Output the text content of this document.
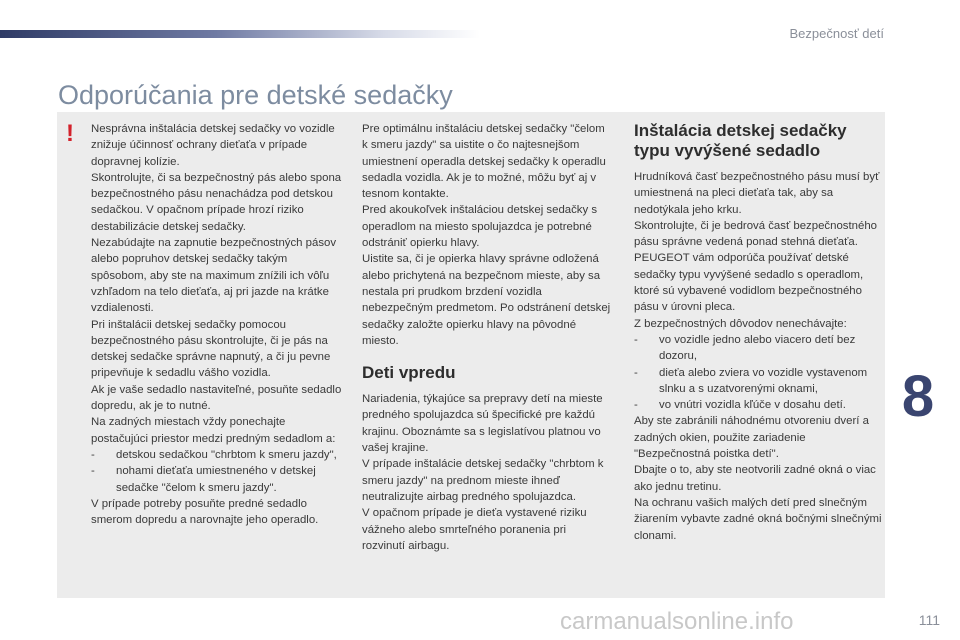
Bezpečnosť detí
Odporúčania pre detské sedačky
! Nesprávna inštalácia detskej sedačky vo vozidle znižuje účinnosť ochrany dieťaťa v prípade dopravnej kolízie.

Skontrolujte, či sa bezpečnostný pás alebo spona bezpečnostného pásu nenachádza pod detskou sedačkou. V opačnom prípade hrozí riziko destabilizácie detskej sedačky.

Nezabúdajte na zapnutie bezpečnostných pásov alebo popruhov detskej sedačky takým spôsobom, aby ste na maximum znížili ich vôľu vzhľadom na telo dieťaťa, aj pri jazde na krátke vzdialenosti.

Pri inštalácii detskej sedačky pomocou bezpečnostného pásu skontrolujte, či je pás na detskej sedačke správne napnutý, a či ju pevne pripevňuje k sedadlu vášho vozidla.

Ak je vaše sedadlo nastaviteľné, posuňte sedadlo dopredu, ak je to nutné.

Na zadných miestach vždy ponechajte postačujúci priestor medzi predným sedadlom a:

-	detskou sedačkou "chrbtom k smeru jazdy",
-	nohami dieťaťa umiestneného v detskej sedačke "čelom k smeru jazdy".

V prípade potreby posuňte predné sedadlo smerom dopredu a narovnajte jeho operadlo.

Pre optimálnu inštaláciu detskej sedačky "čelom k smeru jazdy" sa uistite o čo najtesnejšom umiestnení operadla detskej sedačky k operadlu sedadla vozidla. Ak je to možné, môžu byť aj v tesnom kontakte.

Pred akoukoľvek inštaláciou detskej sedačky s operadlom na miesto spolujazdca je potrebné odstrániť opierku hlavy.

Uistite sa, či je opierka hlavy správne odložená alebo prichytená na bezpečnom mieste, aby sa nestala pri prudkom brzdení vozidla nebezpečným predmetom. Po odstránení detskej sedačky založte opierku hlavy na pôvodné miesto.

Deti vpredu

Nariadenia, týkajúce sa prepravy detí na mieste predného spolujazdca sú špecifické pre každú krajinu. Oboznámte sa s legislatívou platnou vo vašej krajine.

V prípade inštalácie detskej sedačky "chrbtom k smeru jazdy" na prednom mieste ihneď neutralizujte airbag predného spolujazdca.

V opačnom prípade je dieťa vystavené riziku vážneho alebo smrteľného poranenia pri rozvinutí airbagu.

Inštalácia detskej sedačky typu vyvýšené sedadlo

Hrudníková časť bezpečnostného pásu musí byť umiestnená na pleci dieťaťa tak, aby sa nedotýkala jeho krku.

Skontrolujte, či je bedrová časť bezpečnostného pásu správne vedená ponad stehná dieťaťa.

PEUGEOT vám odporúča používať detské sedačky typu vyvýšené sedadlo s operadlom, ktoré sú vybavené vodidlom bezpečnostného pásu v úrovni pleca.

Z bezpečnostných dôvodov nenechávajte:

-	vo vozidle jedno alebo viacero detí bez dozoru,
-	dieťa alebo zviera vo vozidle vystavenom slnku a s uzatvorenými oknami,
-	vo vnútri vozidla kľúče v dosahu detí.

Aby ste zabránili náhodnému otvoreniu dverí a zadných okien, použite zariadenie "Bezpečnostná poistka detí".

Dbajte o to, aby ste neotvorili zadné okná o viac ako jednu tretinu.

Na ochranu vašich malých detí pred slnečným žiarením vybavte zadné okná bočnými slnečnými clonami.

8
carmanualsonline.info	111
